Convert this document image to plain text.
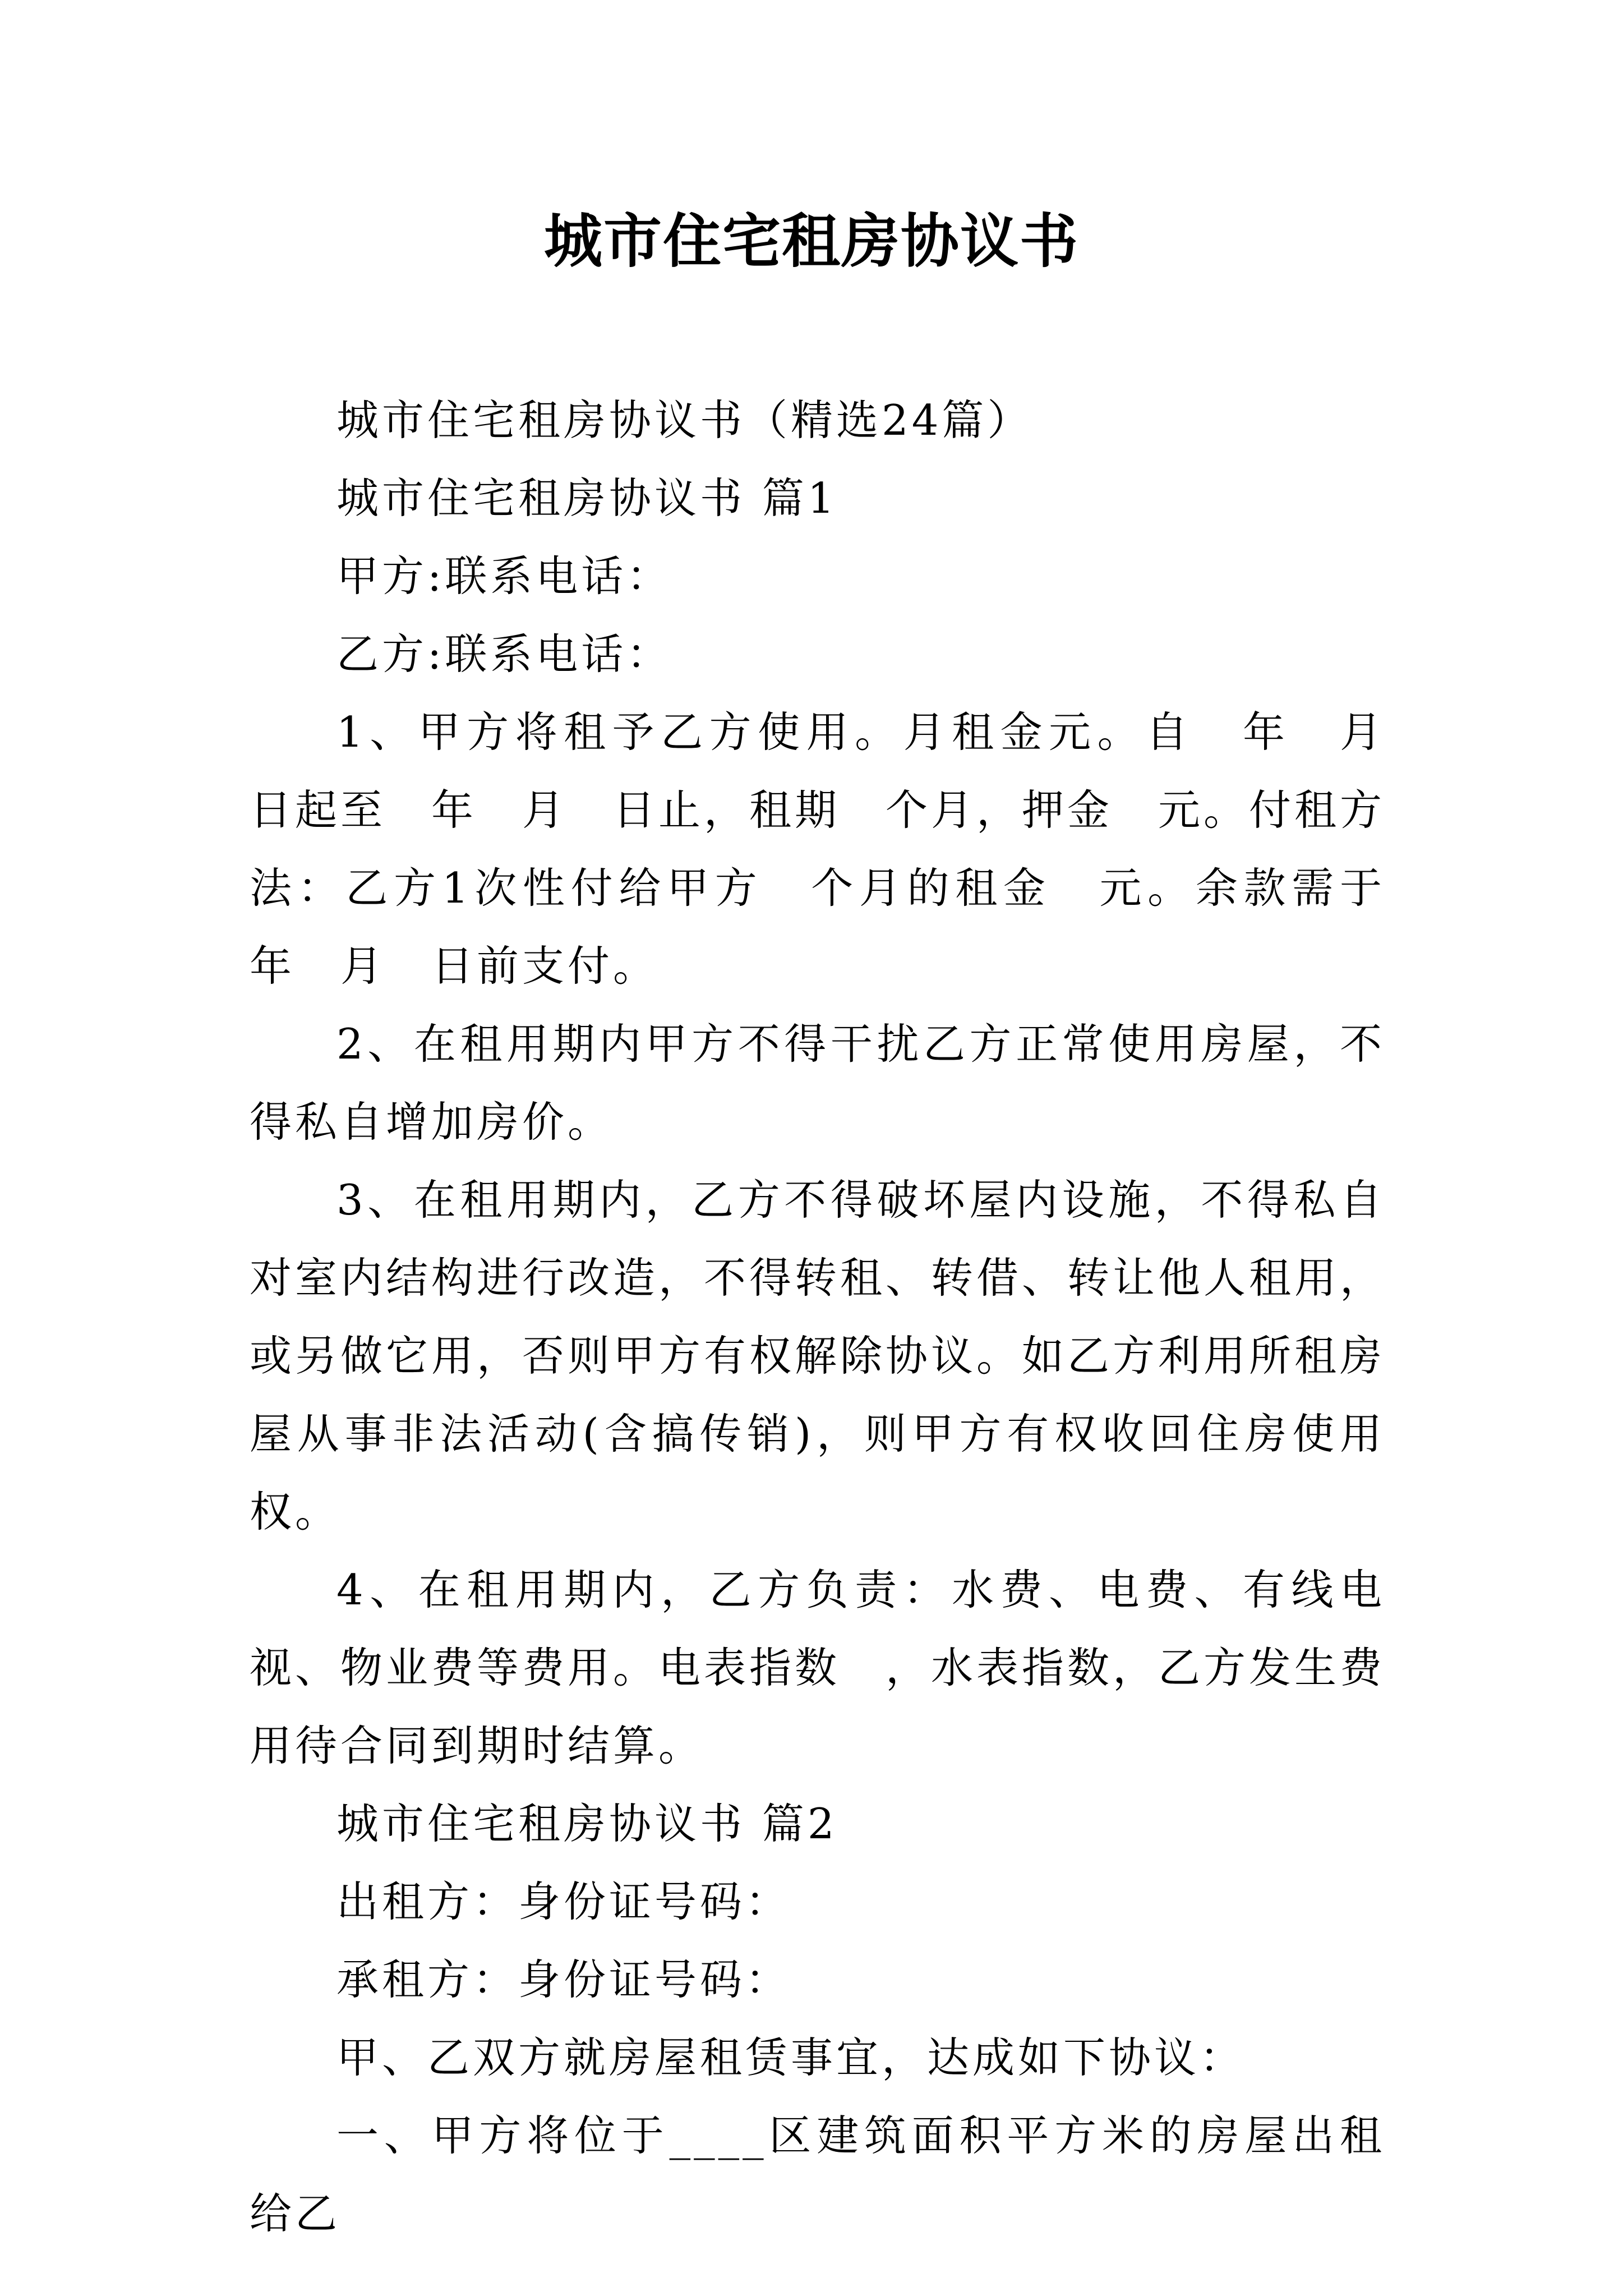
城市住宅租房协议书

城市住宅租房协议书（精选24篇）

城市住宅租房协议书 篇1

甲方:联系电话：

乙方:联系电话：

1、甲方将租予乙方使用。月租金元。自　年　月　日起至　年　月　日止，租期　个月，押金　元。付租方法：乙方1次性付给甲方　个月的租金　元。余款需于　年　月　日前支付。

2、在租用期内甲方不得干扰乙方正常使用房屋，不得私自增加房价。

3、在租用期内，乙方不得破坏屋内设施，不得私自对室内结构进行改造，不得转租、转借、转让他人租用，或另做它用，否则甲方有权解除协议。如乙方利用所租房屋从事非法活动(含搞传销)，则甲方有权收回住房使用权。

4、在租用期内，乙方负责：水费、电费、有线电视、物业费等费用。电表指数　，水表指数，乙方发生费用待合同到期时结算。

城市住宅租房协议书 篇2

出租方：身份证号码：

承租方：身份证号码：

甲、乙双方就房屋租赁事宜，达成如下协议：

一、甲方将位于____区建筑面积平方米的房屋出租给乙
